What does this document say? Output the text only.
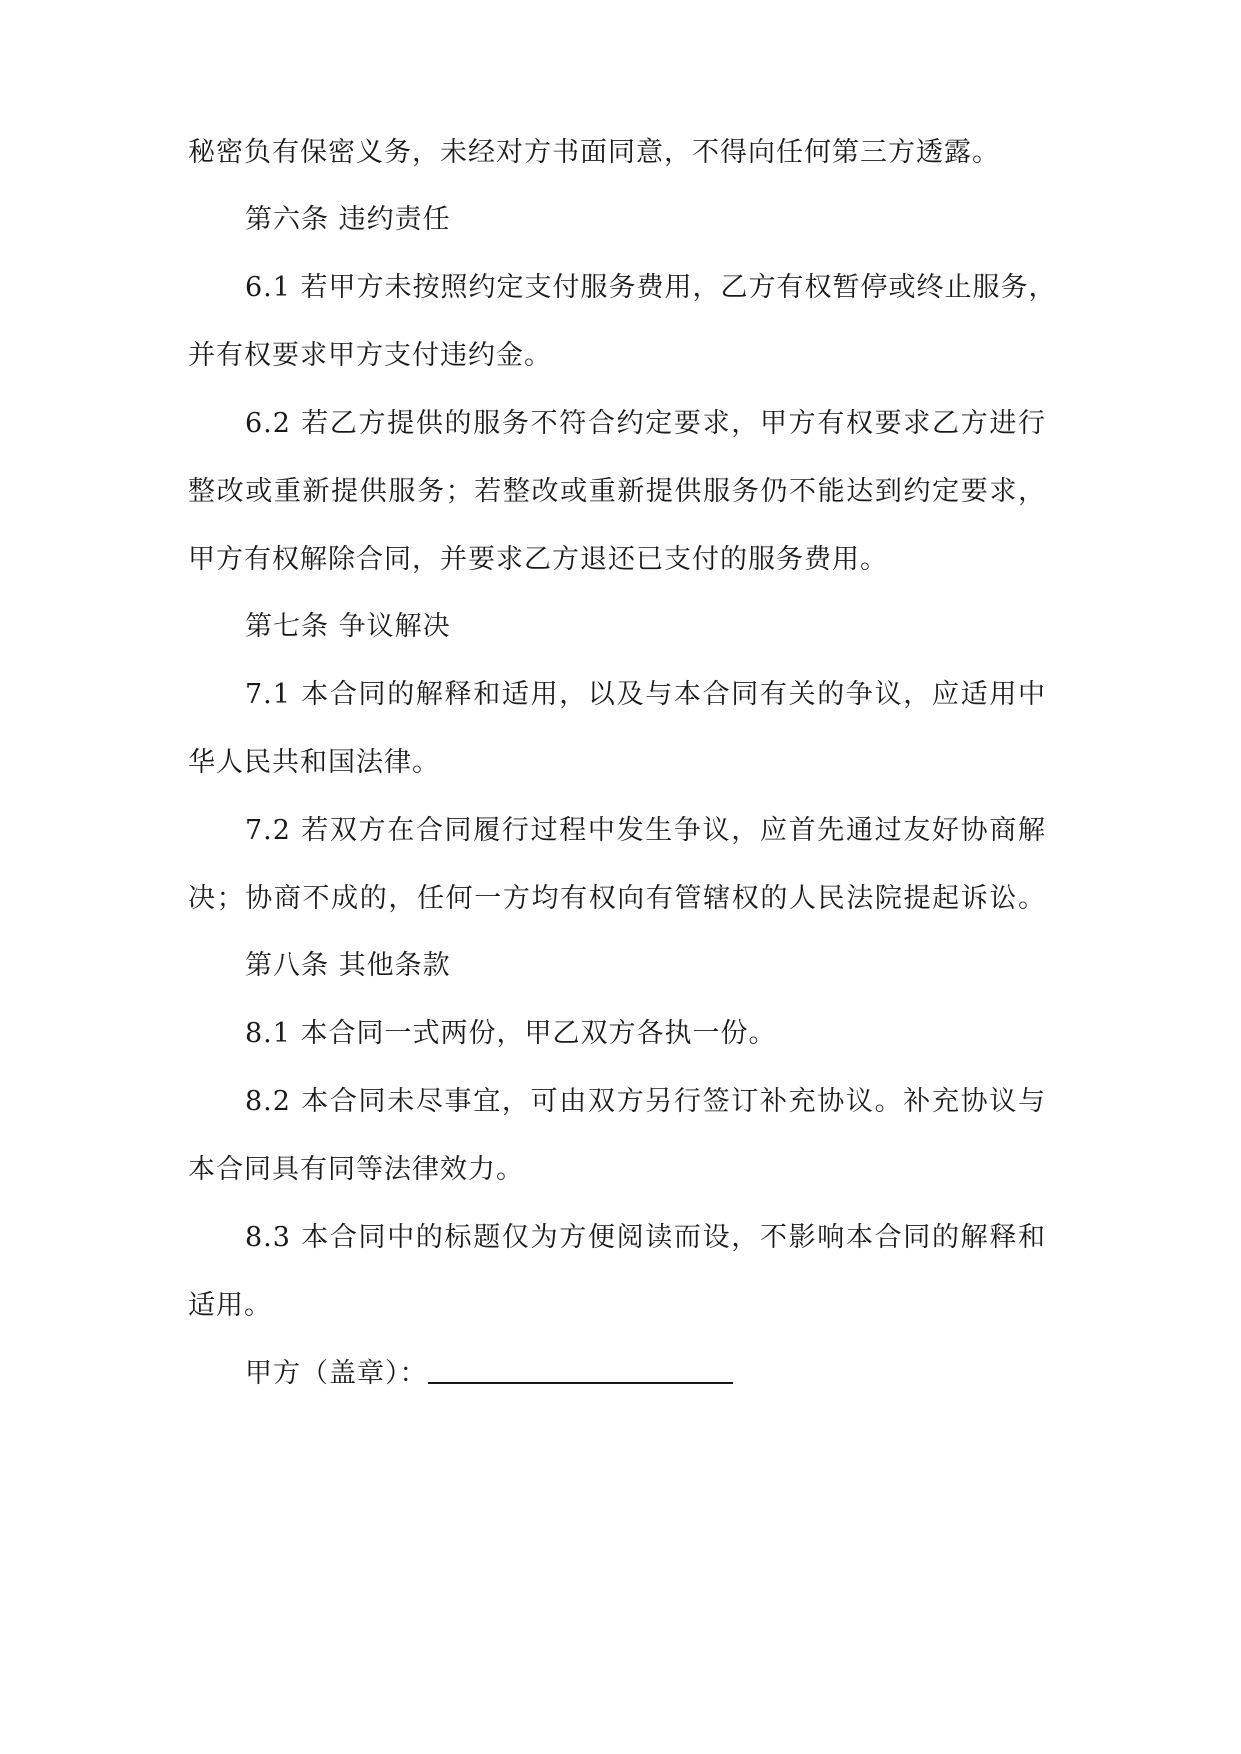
秘密负有保密义务，未经对方书面同意，不得向任何第三方透露。
第六条 违约责任
6.1 若甲方未按照约定支付服务费用，乙方有权暂停或终止服务，
并有权要求甲方支付违约金。
6.2 若乙方提供的服务不符合约定要求，甲方有权要求乙方进行
整改或重新提供服务；若整改或重新提供服务仍不能达到约定要求，
甲方有权解除合同，并要求乙方退还已支付的服务费用。
第七条 争议解决
7.1 本合同的解释和适用，以及与本合同有关的争议，应适用中
华人民共和国法律。
7.2 若双方在合同履行过程中发生争议，应首先通过友好协商解
决；协商不成的，任何一方均有权向有管辖权的人民法院提起诉讼。
第八条 其他条款
8.1 本合同一式两份，甲乙双方各执一份。
8.2 本合同未尽事宜，可由双方另行签订补充协议。补充协议与
本合同具有同等法律效力。
8.3 本合同中的标题仅为方便阅读而设，不影响本合同的解释和
适用。
甲方（盖章）：
